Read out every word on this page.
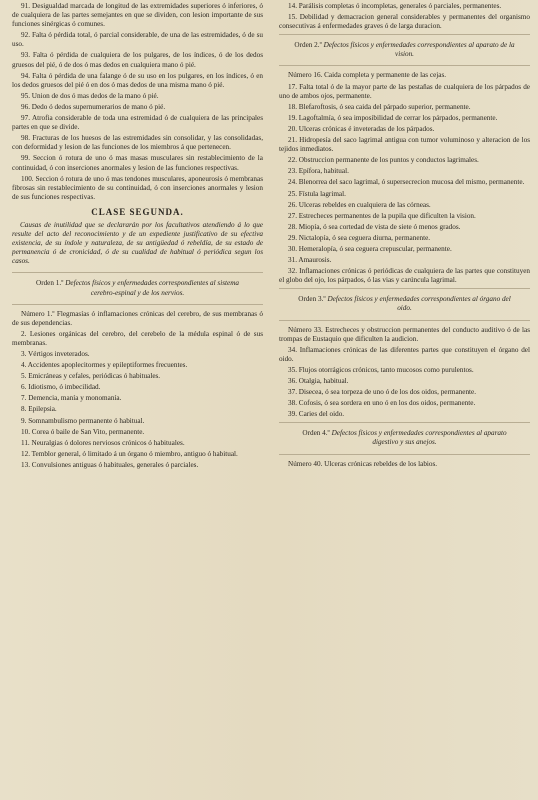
91. Desigualdad marcada de longitud de las extremidades superiores ó inferiores, ó de cualquiera de las partes semejantes en que se dividen, con lesion importante de sus funciones sinérgicas ó comunes.

92. Falta ó pérdida total, ó parcial considerable, de una de las estremidades, ó de su uso.

93. Falta ó pérdida de cualquiera de los pulgares, de los índices, ó de los dedos gruesos del pié, ó de dos ó mas dedos en cualquiera mano ó pié.

94. Falta ó pérdida de una falange ó de su uso en los pulgares, en los índices, ó en los dedos gruesos del pié ó en dos ó mas dedos de una misma mano ó pié.

95. Union de dos ó mas dedos de la mano ó pié.

96. Dedo ó dedos supernumerarios de mano ó pié.

97. Atrofia considerable de toda una estremidad ó de cualquiera de las principales partes en que se divide.

98. Fracturas de los huesos de las estremidades sin consolidar, y las consolidadas, con deformidad y lesion de las funciones de los miembros á que pertenecen.

99. Seccion ó rotura de uno ó mas masas musculares sin restablecimiento de la continuidad, ó con inserciones anormales y lesion de las funciones respectivas.

100. Seccion ó rotura de uno ó mas tendones musculares, aponeurosis ó membranas fibrosas sin restablecimiento de su continuidad, ó con inserciones anormales y lesion de sus funciones respectivas.

CLASE SEGUNDA.
Causas de inutilidad que se declararán por los facultativos atendiendo á lo que resulte del acto del reconocimiento y de un expediente justificativo de su efectiva existencia, de su índole y naturaleza, de su antigüedad ó rebeldía, de su estado de permanencia ó de cronicidad, ó de su cualidad de habitual ó periódica segun los casos.
Orden 1.º Defectos físicos y enfermedades correspondientes al sistema cerebro-espinal y de los nervios.

Número 1.º Flegmasías ó inflamaciones crónicas del cerebro, de sus membranas ó de sus dependencias.

2. Lesiones orgánicas del cerebro, del cerebelo de la médula espinal ó de sus membranas.

3. Vértigos inveterados.

4. Accidentes apoplecitormes y epileptiformes frecuentes.

5. Emicráneas y cefales, periódicas ó habituales.

6. Idiotismo, ó imbecilidad.

7. Demencia, manía y monomanía.

8. Epilepsia.

9. Somnambulismo permanente ó habitual.

10. Corea ó baile de San Vito, permanente.

11. Neuralgias ó dolores nerviosos crónicos ó habituales.

12. Temblor general, ó limitado á un órgano ó miembro, antiguo ó habitual.

13. Convulsiones antiguas ó habituales, generales ó parciales.

14. Parálisis completas ó incompletas, generales ó parciales, permanentes.

15. Debilidad y demacracion general considerables y permanentes del organismo consecutivas á enfermedades graves ó de larga duracion.

Orden 2.º Defectos físicos y enfermedades correspondientes al aparato de la vision.

Número 16. Caida completa y permanente de las cejas.

17. Falta total ó de la mayor parte de las pestañas de cualquiera de los párpados de uno de ambos ojos, permanente.

18. Blefaroftosis, ó sea caida del párpado superior, permanente.

19. Lagoftalmía, ó sea imposibilidad de cerrar los párpados, permanente.

20. Ulceras crónicas é inveteradas de los párpados.

21. Hidropesía del saco lagrimal antigua con tumor voluminoso y alteracion de los tejidos inmediatos.

22. Obstruccion permanente de los puntos y conductos lagrimales.

23. Epífora, habitual.

24. Blenorrea del saco lagrimal, ó supersecrecion mucosa del mismo, permanente.

25. Fístula lagrimal.

26. Ulceras rebeldes en cualquiera de las córneas.

27. Estrecheces permanentes de la pupila que dificulten la vision.

28. Miopía, ó sea cortedad de vista de siete ó menos grados.

29. Nictalopía, ó sea ceguera diurna, permanente.

30. Hemeralopía, ó sea ceguera crepuscular, permanente.

31. Amaurosis.

32. Inflamaciones crónicas ó periódicas de cualquiera de las partes que constituyen el globo del ojo, los párpados, ó las vias y carúncula lagrimal.

Orden 3.º Defectos físicos y enfermedades correspondientes al órgano del oido.

Número 33. Estrecheces y obstruccion permanentes del conducto auditivo ó de las trompas de Eustaquio que dificulten la audicion.

34. Inflamaciones crónicas de las diferentes partes que constituyen el órgano del oido.

35. Flujos otorrágicos crónicos, tanto mucosos como purulentos.

36. Otalgia, habitual.

37. Disecea, ó sea torpeza de uno ó de los dos oidos, permanente.

38. Cofosis, ó sea sordera en uno ó en los dos oidos, permanente.

39. Caries del oido.

Orden 4.º Defectos físicos y enfermedades correspondientes al aparato digestivo y sus anejos.

Número 40. Ulceras crónicas rebeldes de los labios.
